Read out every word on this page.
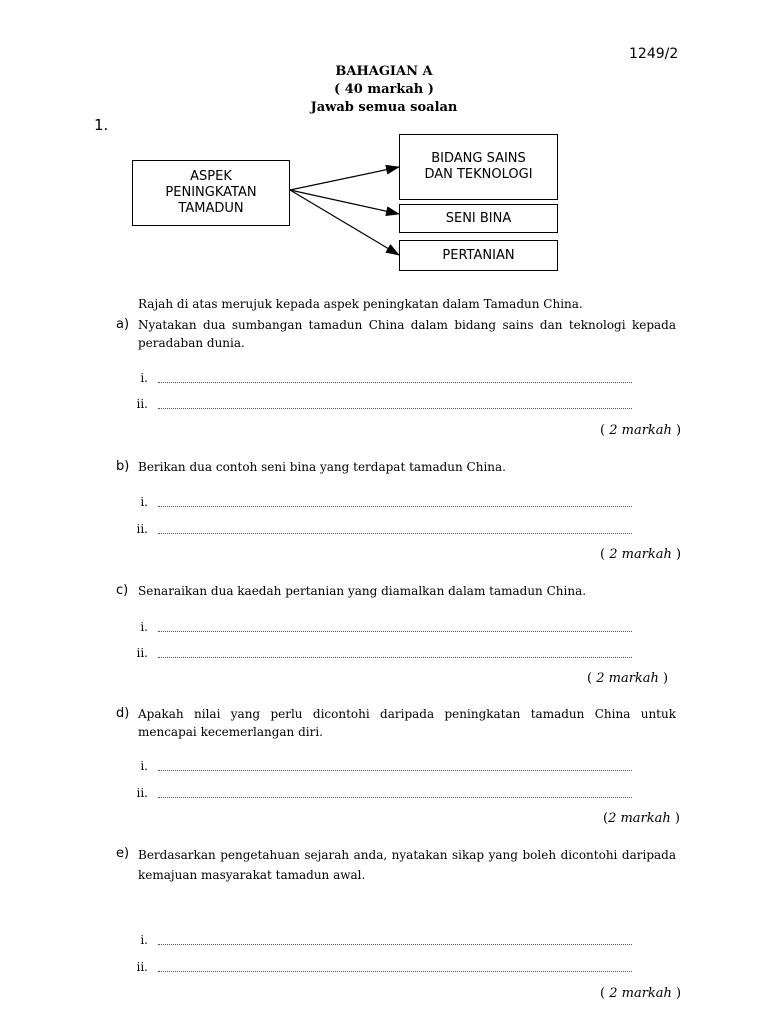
1249/2
BAHAGIAN A
( 40 markah )
Jawab semua soalan
1.
ASPEK PENINGKATAN TAMADUN
BIDANG SAINS DAN TEKNOLOGI
SENI BINA
PERTANIAN
Rajah di atas merujuk kepada aspek peningkatan dalam Tamadun China.
a) Nyatakan dua sumbangan tamadun China dalam bidang sains dan teknologi kepada peradaban dunia.
i.
ii.
( 2 markah )
b) Berikan dua contoh seni bina yang terdapat tamadun China.
i.
ii.
( 2 markah )
c) Senaraikan dua kaedah pertanian yang diamalkan dalam tamadun China.
i.
ii.
( 2 markah )
d) Apakah nilai yang perlu dicontohi daripada peningkatan tamadun China untuk mencapai kecemerlangan diri.
i.
ii.
(2 markah )
e) Berdasarkan pengetahuan sejarah anda, nyatakan sikap yang boleh dicontohi daripada kemajuan masyarakat tamadun awal.
i.
ii.
( 2 markah )
